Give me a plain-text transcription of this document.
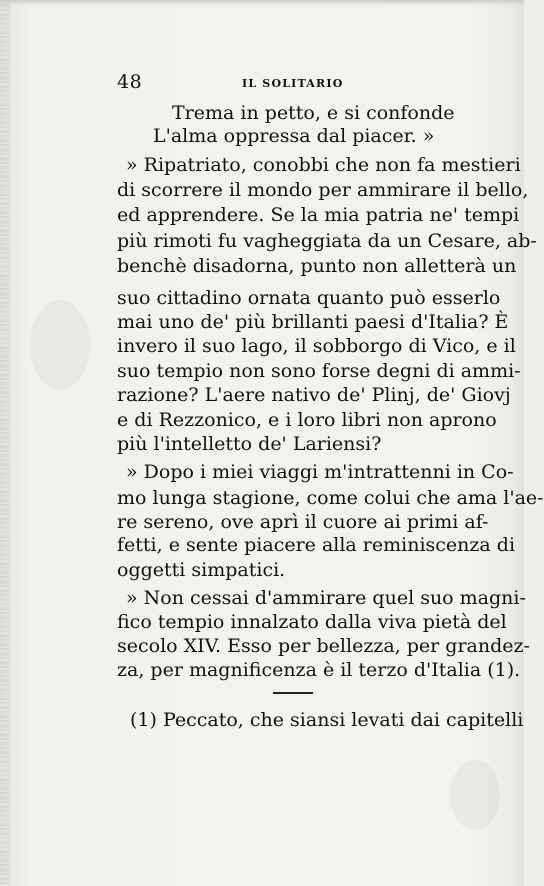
48	IL SOLITARIO
Trema in petto, e si confonde
L'alma oppressa dal piacer. »
» Ripatriato, conobbi che non fa mestieri
di scorrere il mondo per ammirare il bello,
ed apprendere. Se la mia patria ne' tempi
più rimoti fu vagheggiata da un Cesare, ab-
benchè disadorna, punto non alletterà un
suo cittadino ornata quanto può esserlo
mai uno de' più brillanti paesi d'Italia? È
invero il suo lago, il sobborgo di Vico, e il
suo tempio non sono forse degni di ammi-
razione? L'aere nativo de' Plinj, de' Giovj
e di Rezzonico, e i loro libri non aprono
più l'intelletto de' Lariensi?
» Dopo i miei viaggi m'intrattenni in Co-
mo lunga stagione, come colui che ama l'ae-
re sereno, ove aprì il cuore ai primi af-
fetti, e sente piacere alla reminiscenza di
oggetti simpatici.
» Non cessai d'ammirare quel suo magni-
fico tempio innalzato dalla viva pietà del
secolo XIV. Esso per bellezza, per grandez-
za, per magnificenza è il terzo d'Italia (1).
(1) Peccato, che siansi levati dai capitelli
